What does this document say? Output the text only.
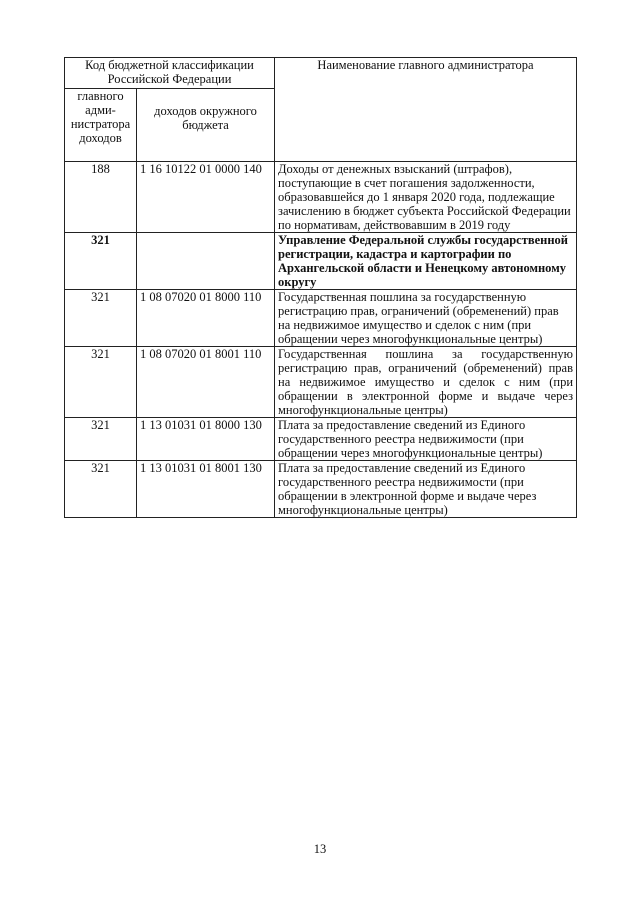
Код бюджетной классификации Российской Федерации		Наименование главного администратора
главного адми-нистратора доходов	доходов окружного бюджета	
188	1 16 10122 01 0000 140	Доходы от денежных взысканий (штрафов), поступающие в счет погашения задолженности, образовавшейся до 1 января 2020 года, подлежащие зачислению в бюджет субъекта Российской Федерации по нормативам, действовавшим в 2019 году
321		Управление Федеральной службы государственной регистрации, кадастра и картографии по Архангельской области и Ненецкому автономному округу
321	1 08 07020 01 8000 110	Государственная пошлина за государственную регистрацию прав, ограничений (обременений) прав на недвижимое имущество и сделок с ним (при обращении через многофункциональные центры)
321	1 08 07020 01 8001 110	Государственная пошлина за государственную регистрацию прав, ограничений (обременений) прав на недвижимое имущество и сделок с ним (при обращении в электронной форме и выдаче через многофункциональные центры)
321	1 13 01031 01 8000 130	Плата за предоставление сведений из Единого государственного реестра недвижимости (при обращении через многофункциональные центры)
321	1 13 01031 01 8001 130	Плата за предоставление сведений из Единого государственного реестра недвижимости (при обращении в электронной форме и выдаче через многофункциональные центры)
13
